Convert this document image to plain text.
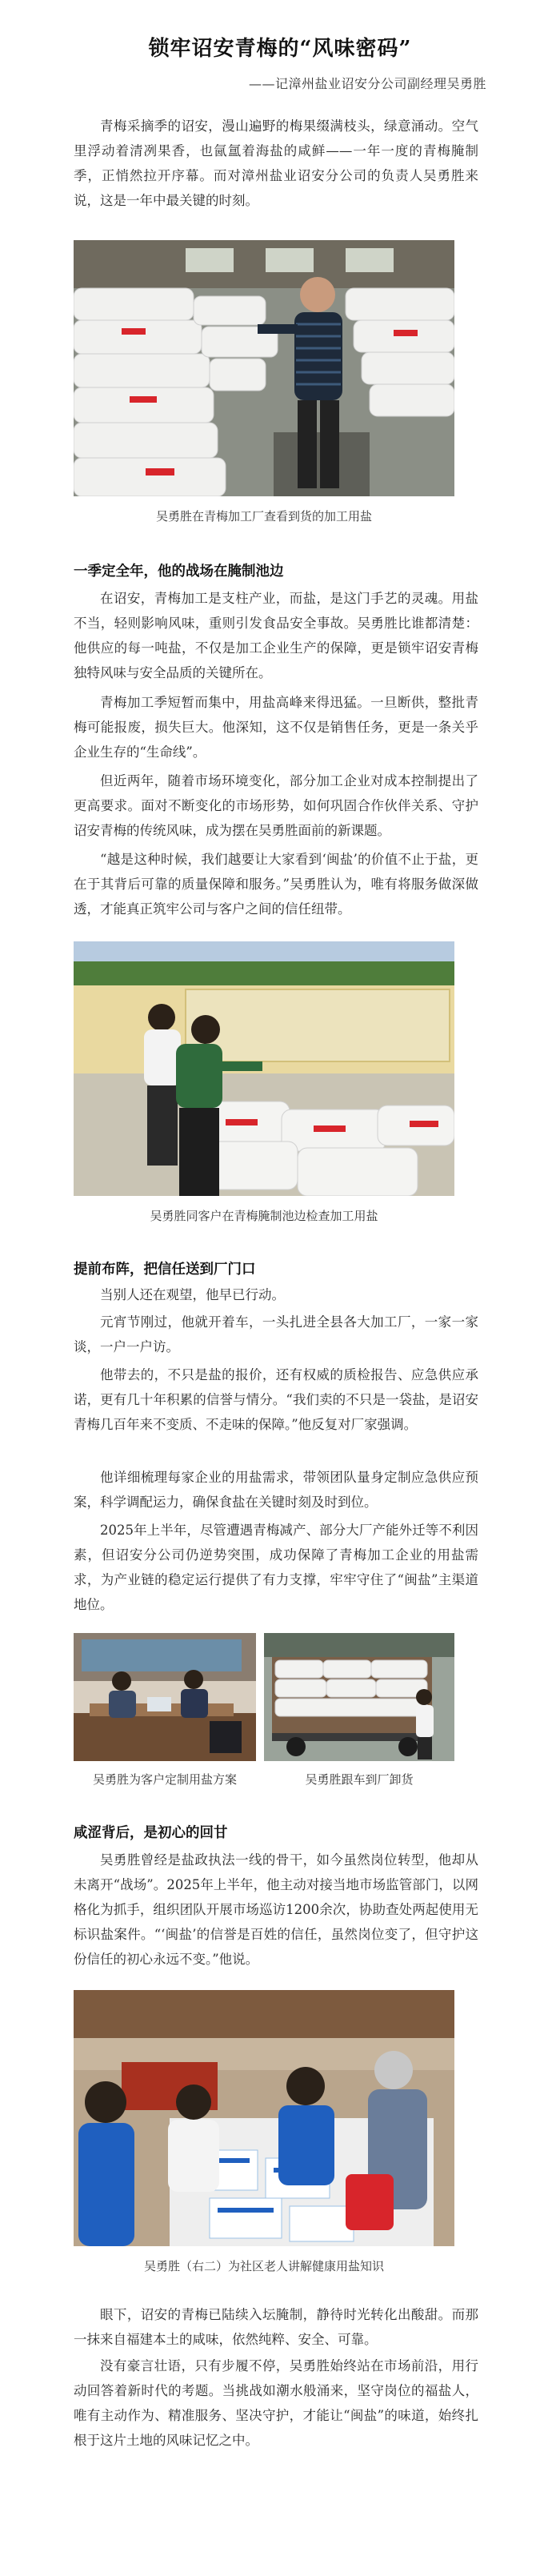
锁牢诏安青梅的“风味密码”
——记漳州盐业诏安分公司副经理吴勇胜
青梅采摘季的诏安，漫山遍野的梅果缀满枝头，绿意涌动。空气里浮动着清冽果香，也氤氲着海盐的咸鲜——一年一度的青梅腌制季，正悄然拉开序幕。而对漳州盐业诏安分公司的负责人吴勇胜来说，这是一年中最关键的时刻。
吴勇胜在青梅加工厂查看到货的加工用盐
一季定全年，他的战场在腌制池边
在诏安，青梅加工是支柱产业，而盐，是这门手艺的灵魂。用盐不当，轻则影响风味，重则引发食品安全事故。吴勇胜比谁都清楚：他供应的每一吨盐，不仅是加工企业生产的保障，更是锁牢诏安青梅独特风味与安全品质的关键所在。
青梅加工季短暂而集中，用盐高峰来得迅猛。一旦断供，整批青梅可能报废，损失巨大。他深知，这不仅是销售任务，更是一条关乎企业生存的“生命线”。
但近两年，随着市场环境变化，部分加工企业对成本控制提出了更高要求。面对不断变化的市场形势，如何巩固合作伙伴关系、守护诏安青梅的传统风味，成为摆在吴勇胜面前的新课题。
“越是这种时候，我们越要让大家看到‘闽盐’的价值不止于盐，更在于其背后可靠的质量保障和服务。”吴勇胜认为，唯有将服务做深做透，才能真正筑牢公司与客户之间的信任纽带。
吴勇胜同客户在青梅腌制池边检查加工用盐
提前布阵，把信任送到厂门口
当别人还在观望，他早已行动。
元宵节刚过，他就开着车，一头扎进全县各大加工厂，一家一家谈，一户一户访。
他带去的，不只是盐的报价，还有权威的质检报告、应急供应承诺，更有几十年积累的信誉与情分。“我们卖的不只是一袋盐，是诏安青梅几百年来不变质、不走味的保障。”他反复对厂家强调。
他详细梳理每家企业的用盐需求，带领团队量身定制应急供应预案，科学调配运力，确保食盐在关键时刻及时到位。
2025年上半年，尽管遭遇青梅减产、部分大厂产能外迁等不利因素，但诏安分公司仍逆势突围，成功保障了青梅加工企业的用盐需求，为产业链的稳定运行提供了有力支撑，牢牢守住了“闽盐”主渠道地位。
吴勇胜为客户定制用盐方案	吴勇胜跟车到厂卸货
咸涩背后，是初心的回甘
吴勇胜曾经是盐政执法一线的骨干，如今虽然岗位转型，他却从未离开“战场”。2025年上半年，他主动对接当地市场监管部门，以网格化为抓手，组织团队开展市场巡访1200余次，协助查处两起使用无标识盐案件。“‘闽盐’的信誉是百姓的信任，虽然岗位变了，但守护这份信任的初心永远不变。”他说。
吴勇胜（右二）为社区老人讲解健康用盐知识
眼下，诏安的青梅已陆续入坛腌制，静待时光转化出酸甜。而那一抹来自福建本土的咸味，依然纯粹、安全、可靠。
没有豪言壮语，只有步履不停，吴勇胜始终站在市场前沿，用行动回答着新时代的考题。当挑战如潮水般涌来，坚守岗位的福盐人，唯有主动作为、精准服务、坚决守护，才能让“闽盐”的味道，始终扎根于这片土地的风味记忆之中。
